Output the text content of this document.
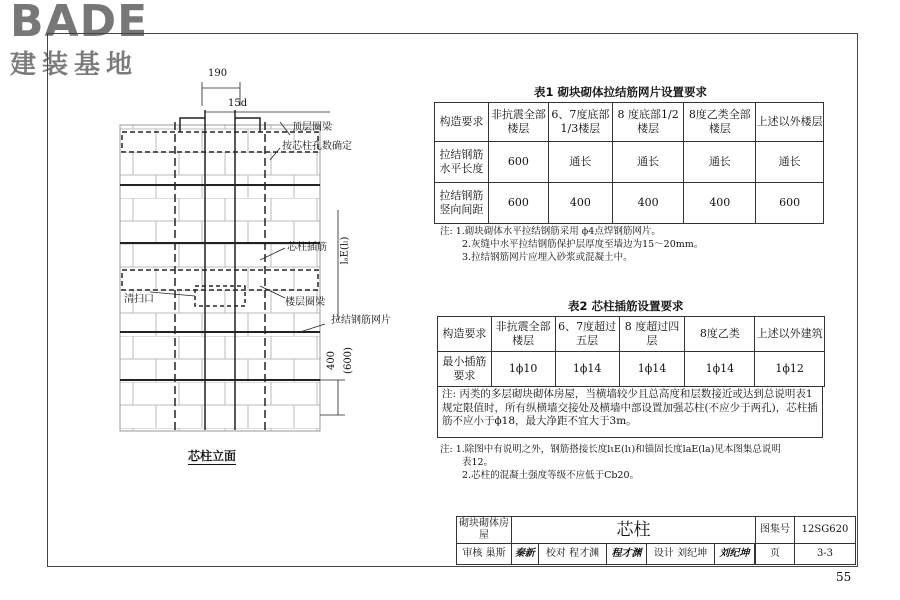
BADE
建装基地	190
15d
顶层圈梁
按芯柱孔数确定
芯柱插筋 lₐE(lₗ)
清扫口	楼层圈梁
拉结钢筋网片
400 (600)
芯柱立面
表1 砌块砌体拉结筋网片设置要求
构造要求	非抗震全部楼层	6、7度底部1/3楼层	8 度底部1/2楼层	8度乙类全部楼层	上述以外楼层
拉结钢筋水平长度	600	通长	通长	通长	通长
拉结钢筋竖向间距	600	400	400	400	600
注: 1.砌块砌体水平拉结钢筋采用 ϕ4点焊钢筋网片。
2.灰缝中水平拉结钢筋保护层厚度至墙边为15～20mm。
3.拉结钢筋网片应埋入砂浆或混凝土中。
表2 芯柱插筋设置要求
构造要求	非抗震全部楼层	6、7度超过五层	8 度超过四层	8度乙类	上述以外建筑
最小插筋要求	1ϕ10	1ϕ14	1ϕ14	1ϕ14	1ϕ12
注: 丙类的多层砌块砌体房屋，当横墙较少且总高度和层数接近或达到总说明表1规定限值时，所有纵横墙交接处及横墙中部设置加强芯柱(不应少于两孔)，芯柱插筋不应小于ϕ18，最大净距不宜大于3m。
注: 1.除图中有说明之外，钢筋搭接长度lιE(lι)和锚固长度laE(la)见本图集总说明
表12。
2.芯柱的混凝土强度等级不应低于Cb20。
砌块砌体房屋	芯柱					图集号	12SG620
审核 巢斯	秦新	校对 程才渊	程才渊	设计 刘纪坤	刘纪坤		页	3-3
55
